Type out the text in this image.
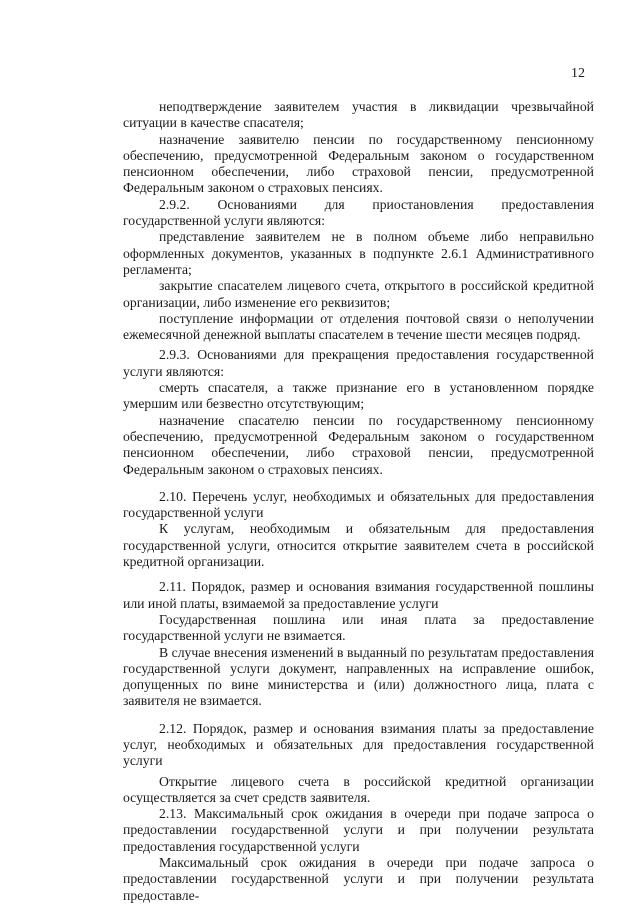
12

неподтверждение заявителем участия в ликвидации чрезвычайной ситуации в качестве спасателя;

назначение заявителю пенсии по государственному пенсионному обеспечению, предусмотренной Федеральным законом о государственном пенсионном обеспечении, либо страховой пенсии, предусмотренной Федеральным законом о страховых пенсиях.

2.9.2. Основаниями для приостановления предоставления государственной услуги являются:

представление заявителем не в полном объеме либо неправильно оформленных документов, указанных в подпункте 2.6.1 Административного регламента;

закрытие спасателем лицевого счета, открытого в российской кредитной организации, либо изменение его реквизитов;

поступление информации от отделения почтовой связи о неполучении ежемесячной денежной выплаты спасателем в течение шести месяцев подряд.

2.9.3. Основаниями для прекращения предоставления государственной услуги являются:

смерть спасателя, а также признание его в установленном порядке умершим или безвестно отсутствующим;

назначение спасателю пенсии по государственному пенсионному обеспечению, предусмотренной Федеральным законом о государственном пенсионном обеспечении, либо страховой пенсии, предусмотренной Федеральным законом о страховых пенсиях.

2.10. Перечень услуг, необходимых и обязательных для предоставления государственной услуги

К услугам, необходимым и обязательным для предоставления государственной услуги, относится открытие заявителем счета в российской кредитной организации.

2.11. Порядок, размер и основания взимания государственной пошлины или иной платы, взимаемой за предоставление услуги

Государственная пошлина или иная плата за предоставление государственной услуги не взимается.

В случае внесения изменений в выданный по результатам предоставления государственной услуги документ, направленных на исправление ошибок, допущенных по вине министерства и (или) должностного лица, плата с заявителя не взимается.

2.12. Порядок, размер и основания взимания платы за предоставление услуг, необходимых и обязательных для предоставления государственной услуги

Открытие лицевого счета в российской кредитной организации осуществляется за счет средств заявителя.

2.13. Максимальный срок ожидания в очереди при подаче запроса о предоставлении государственной услуги и при получении результата предоставления государственной услуги

Максимальный срок ожидания в очереди при подаче запроса о предоставлении государственной услуги и при получении результата предоставле-
